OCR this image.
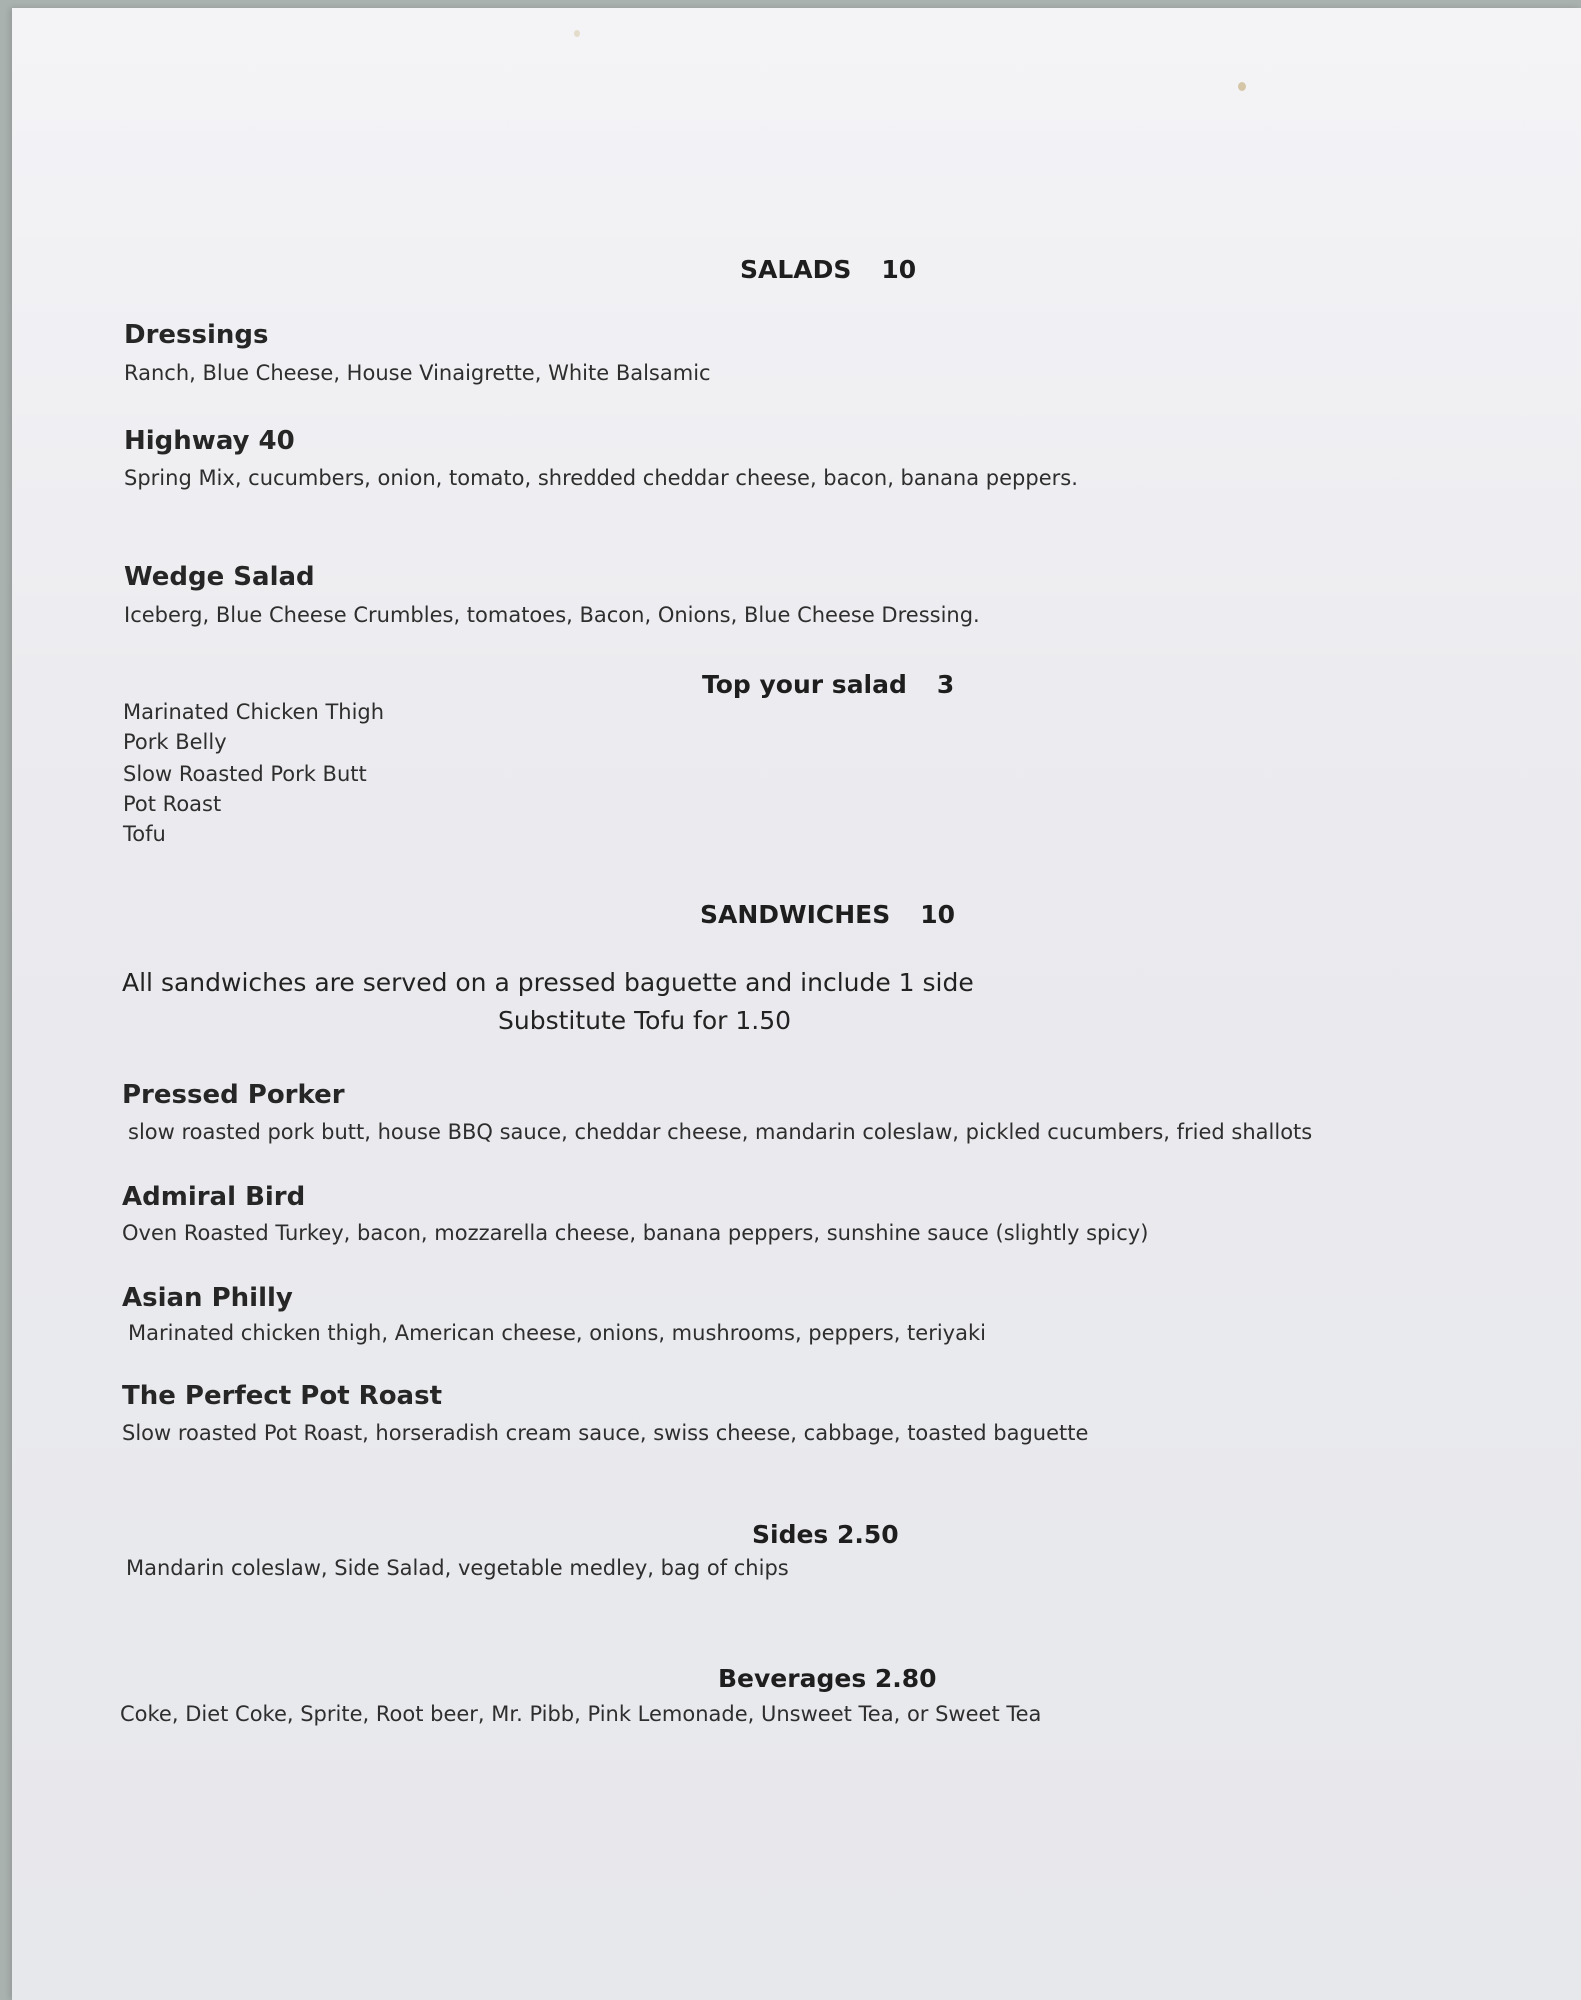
SALADS 10
Dressings
Ranch, Blue Cheese, House Vinaigrette, White Balsamic
Highway 40
Spring Mix, cucumbers, onion, tomato, shredded cheddar cheese, bacon, banana peppers.
Wedge Salad
Iceberg, Blue Cheese Crumbles, tomatoes, Bacon, Onions, Blue Cheese Dressing.
Top your salad 3
Marinated Chicken Thigh
Pork Belly
Slow Roasted Pork Butt
Pot Roast
Tofu
SANDWICHES 10
All sandwiches are served on a pressed baguette and include 1 side
Substitute Tofu for 1.50
Pressed Porker
slow roasted pork butt, house BBQ sauce, cheddar cheese, mandarin coleslaw, pickled cucumbers, fried shallots
Admiral Bird
Oven Roasted Turkey, bacon, mozzarella cheese, banana peppers, sunshine sauce (slightly spicy)
Asian Philly
Marinated chicken thigh, American cheese, onions, mushrooms, peppers, teriyaki
The Perfect Pot Roast
Slow roasted Pot Roast, horseradish cream sauce, swiss cheese, cabbage, toasted baguette
Sides 2.50
Mandarin coleslaw, Side Salad, vegetable medley, bag of chips
Beverages 2.80
Coke, Diet Coke, Sprite, Root beer, Mr. Pibb, Pink Lemonade, Unsweet Tea, or Sweet Tea
